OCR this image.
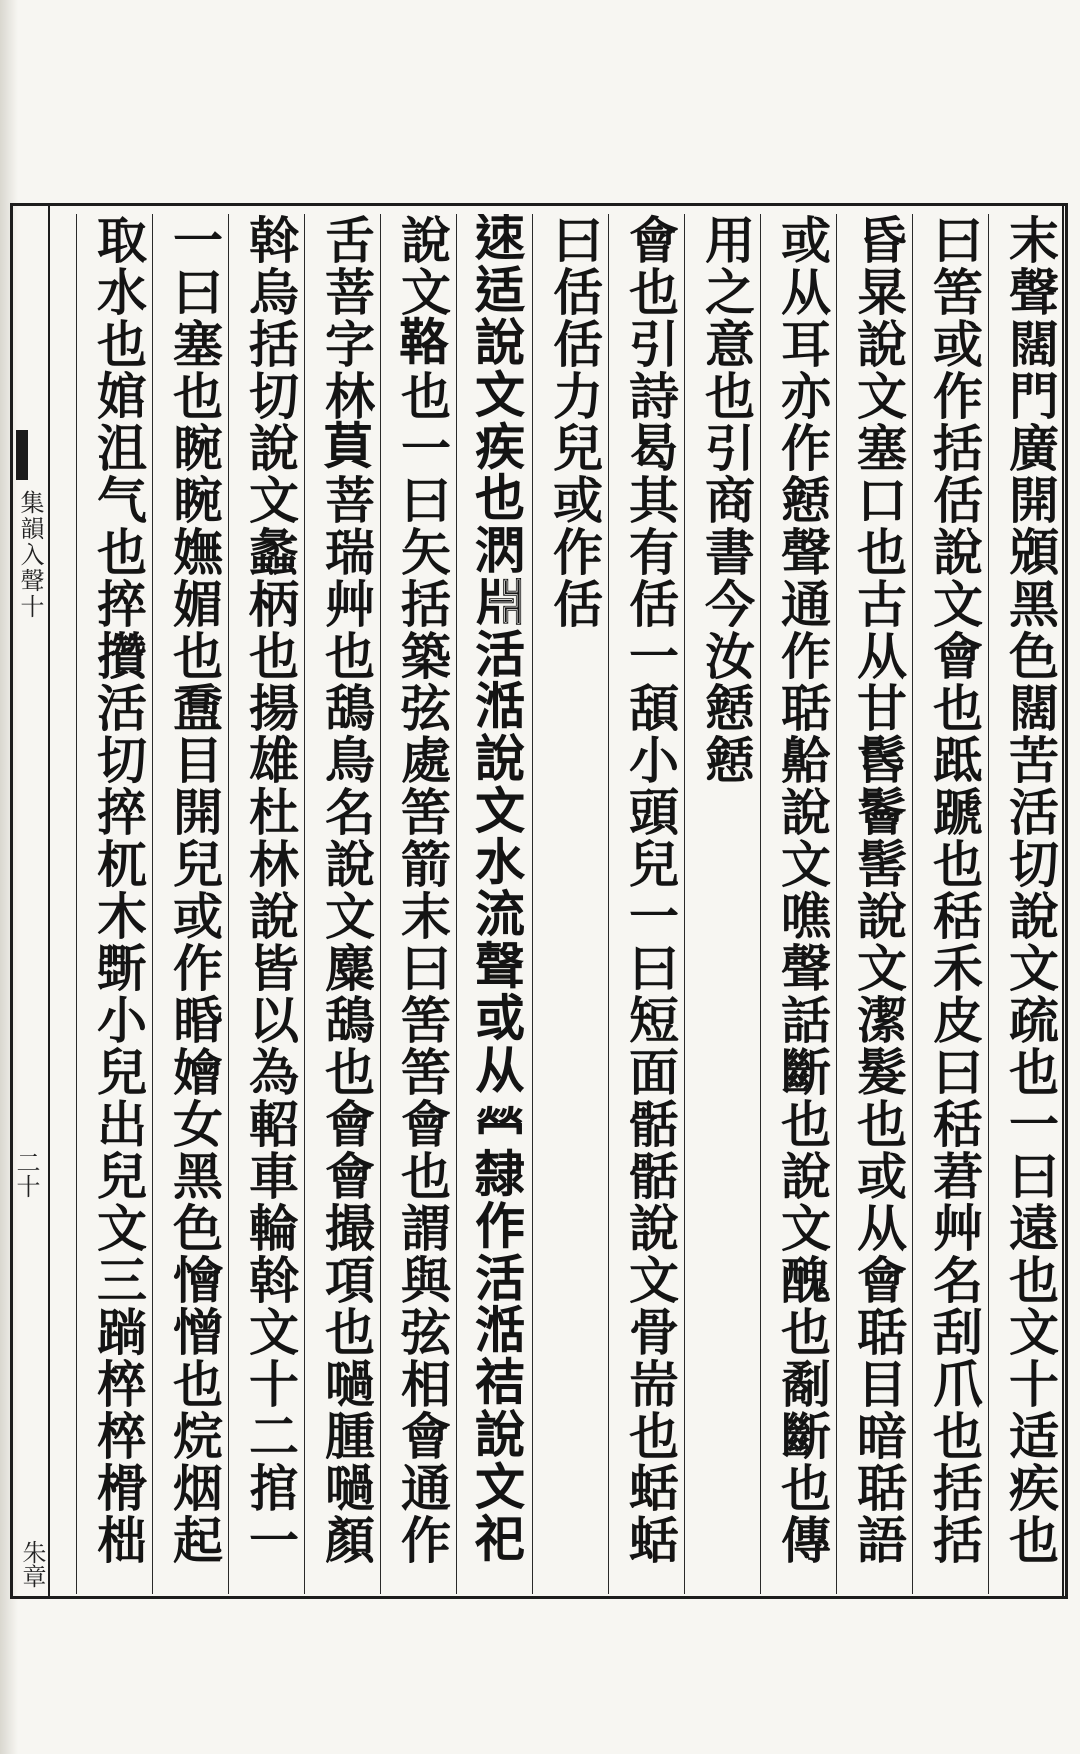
集韻入聲十
二十
朱章
末聲闊門廣開䫄黑色闊苦活切說文疏也一曰遠也文十适疾也
曰筈或作括佸說文會也䟡蹏也秳禾皮曰秳莙艸名刮爪也括括
昏㫧說文塞口也古从甘䯺鬠髺說文潔髮也或从會聒目暗聒語
或从耳亦作懖聲通作聒䶎說文噍聲話斷也說文醜也劀斷也傳
用之意也引商書今汝懖懖
會也引詩曷其有佸一頢小頭兒一曰短面䯏䯏說文骨耑也蛞蛞
曰佸佸力兒或作佸
𨒪适說文疾也㴸𣶒活湉說文水流聲或从𤇾隸作活湉祮說文祀
說文𩊚也一曰矢括築弦處筈箭末曰筈筈會也謂與弦相會通作
舌菩字林𦮷菩瑞艸也鴰鳥名說文麋鴰也會會撮項也㗻腫㗻顏
斡烏括切說文蠡柄也揚雄杜林說皆以為軺車輪斡文十二捾一
一曰塞也睕睕嫵媚也䀉目開兒或作睧嬒女黑色懀憎也烷烟起
取水也婠沮气也捽攢活切捽杌木斲小兒出兒文三䠀椊椊榾柮
